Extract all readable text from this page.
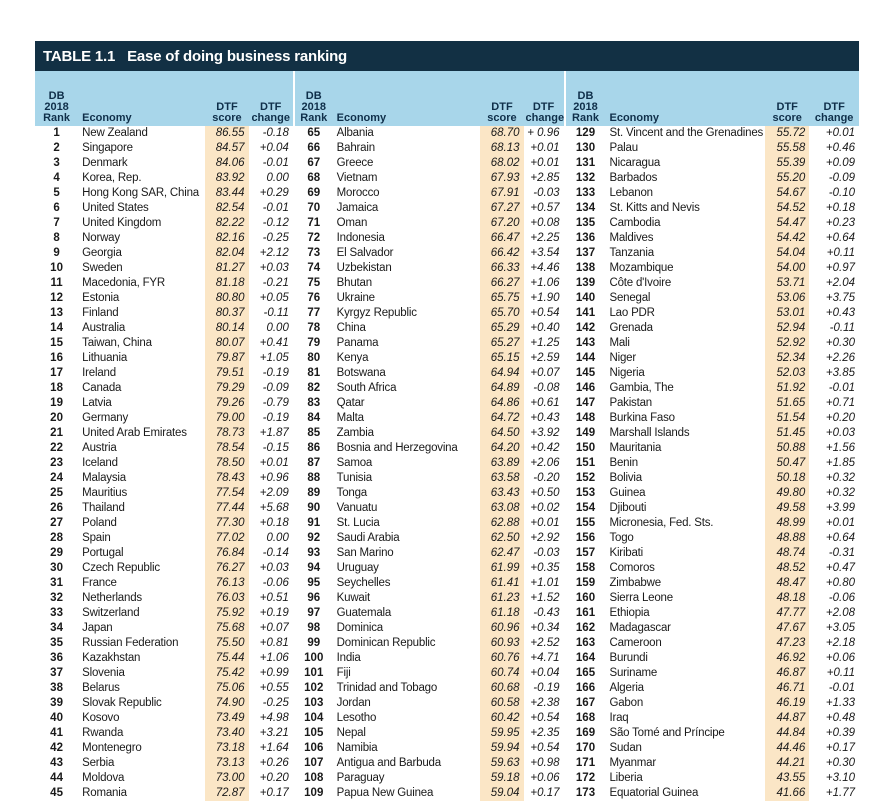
TABLE 1.1 Ease of doing business ranking
DB 2018 Rank	Economy	DTF score	DTF change	DB 2018 Rank	Economy	DTF score	DTF change	DB 2018 Rank	Economy	DTF score	DTF change
1	New Zealand	86.55	-0.18	65	Albania	68.70	+ 0.96	129	St. Vincent and the Grenadines	55.72	+0.01
2	Singapore	84.57	+0.04	66	Bahrain	68.13	+0.01	130	Palau	55.58	+0.46
3	Denmark	84.06	-0.01	67	Greece	68.02	+0.01	131	Nicaragua	55.39	+0.09
4	Korea, Rep.	83.92	0.00	68	Vietnam	67.93	+2.85	132	Barbados	55.20	-0.09
5	Hong Kong SAR, China	83.44	+0.29	69	Morocco	67.91	-0.03	133	Lebanon	54.67	-0.10
6	United States	82.54	-0.01	70	Jamaica	67.27	+0.57	134	St. Kitts and Nevis	54.52	+0.18
7	United Kingdom	82.22	-0.12	71	Oman	67.20	+0.08	135	Cambodia	54.47	+0.23
8	Norway	82.16	-0.25	72	Indonesia	66.47	+2.25	136	Maldives	54.42	+0.64
9	Georgia	82.04	+2.12	73	El Salvador	66.42	+3.54	137	Tanzania	54.04	+0.11
10	Sweden	81.27	+0.03	74	Uzbekistan	66.33	+4.46	138	Mozambique	54.00	+0.97
11	Macedonia, FYR	81.18	-0.21	75	Bhutan	66.27	+1.06	139	Côte d'Ivoire	53.71	+2.04
12	Estonia	80.80	+0.05	76	Ukraine	65.75	+1.90	140	Senegal	53.06	+3.75
13	Finland	80.37	-0.11	77	Kyrgyz Republic	65.70	+0.54	141	Lao PDR	53.01	+0.43
14	Australia	80.14	0.00	78	China	65.29	+0.40	142	Grenada	52.94	-0.11
15	Taiwan, China	80.07	+0.41	79	Panama	65.27	+1.25	143	Mali	52.92	+0.30
16	Lithuania	79.87	+1.05	80	Kenya	65.15	+2.59	144	Niger	52.34	+2.26
17	Ireland	79.51	-0.19	81	Botswana	64.94	+0.07	145	Nigeria	52.03	+3.85
18	Canada	79.29	-0.09	82	South Africa	64.89	-0.08	146	Gambia, The	51.92	-0.01
19	Latvia	79.26	-0.79	83	Qatar	64.86	+0.61	147	Pakistan	51.65	+0.71
20	Germany	79.00	-0.19	84	Malta	64.72	+0.43	148	Burkina Faso	51.54	+0.20
21	United Arab Emirates	78.73	+1.87	85	Zambia	64.50	+3.92	149	Marshall Islands	51.45	+0.03
22	Austria	78.54	-0.15	86	Bosnia and Herzegovina	64.20	+0.42	150	Mauritania	50.88	+1.56
23	Iceland	78.50	+0.01	87	Samoa	63.89	+2.06	151	Benin	50.47	+1.85
24	Malaysia	78.43	+0.96	88	Tunisia	63.58	-0.20	152	Bolivia	50.18	+0.32
25	Mauritius	77.54	+2.09	89	Tonga	63.43	+0.50	153	Guinea	49.80	+0.32
26	Thailand	77.44	+5.68	90	Vanuatu	63.08	+0.02	154	Djibouti	49.58	+3.99
27	Poland	77.30	+0.18	91	St. Lucia	62.88	+0.01	155	Micronesia, Fed. Sts.	48.99	+0.01
28	Spain	77.02	0.00	92	Saudi Arabia	62.50	+2.92	156	Togo	48.88	+0.64
29	Portugal	76.84	-0.14	93	San Marino	62.47	-0.03	157	Kiribati	48.74	-0.31
30	Czech Republic	76.27	+0.03	94	Uruguay	61.99	+0.35	158	Comoros	48.52	+0.47
31	France	76.13	-0.06	95	Seychelles	61.41	+1.01	159	Zimbabwe	48.47	+0.80
32	Netherlands	76.03	+0.51	96	Kuwait	61.23	+1.52	160	Sierra Leone	48.18	-0.06
33	Switzerland	75.92	+0.19	97	Guatemala	61.18	-0.43	161	Ethiopia	47.77	+2.08
34	Japan	75.68	+0.07	98	Dominica	60.96	+0.34	162	Madagascar	47.67	+3.05
35	Russian Federation	75.50	+0.81	99	Dominican Republic	60.93	+2.52	163	Cameroon	47.23	+2.18
36	Kazakhstan	75.44	+1.06	100	India	60.76	+4.71	164	Burundi	46.92	+0.06
37	Slovenia	75.42	+0.99	101	Fiji	60.74	+0.04	165	Suriname	46.87	+0.11
38	Belarus	75.06	+0.55	102	Trinidad and Tobago	60.68	-0.19	166	Algeria	46.71	-0.01
39	Slovak Republic	74.90	-0.25	103	Jordan	60.58	+2.38	167	Gabon	46.19	+1.33
40	Kosovo	73.49	+4.98	104	Lesotho	60.42	+0.54	168	Iraq	44.87	+0.48
41	Rwanda	73.40	+3.21	105	Nepal	59.95	+2.35	169	São Tomé and Príncipe	44.84	+0.39
42	Montenegro	73.18	+1.64	106	Namibia	59.94	+0.54	170	Sudan	44.46	+0.17
43	Serbia	73.13	+0.26	107	Antigua and Barbuda	59.63	+0.98	171	Myanmar	44.21	+0.30
44	Moldova	73.00	+0.20	108	Paraguay	59.18	+0.06	172	Liberia	43.55	+3.10
45	Romania	72.87	+0.17	109	Papua New Guinea	59.04	+0.17	173	Equatorial Guinea	41.66	+1.77
